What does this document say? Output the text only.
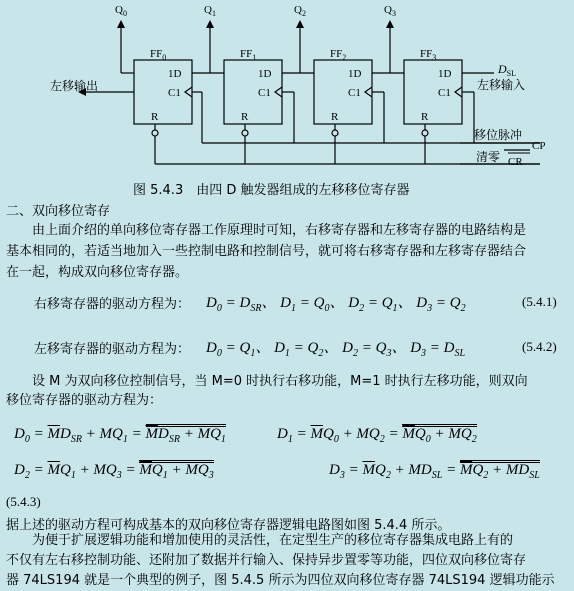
$Q_0$	$Q_1$	$Q_2$	$Q_3$
$FF_0$	$FF_1$	$FF_2$	$FF_3$
1D
C1
R
1D
C1
R
1D
C1
R
1D
C1
R
左移输出
$D_{SL}$
左移输入
移位脉冲
CP
清零 CR
图 5.4.3　由四 D 触发器组成的左移移位寄存器
二、双向移位寄存
　　由上面介绍的单向移位寄存器工作原理时可知，右移寄存器和左移寄存器的电路结构是
基本相同的，若适当地加入一些控制电路和控制信号，就可将右移寄存器和左移寄存器结合
在一起，构成双向移位寄存器。
右移寄存器的驱动方程为： $D_0 = D_{SR}$、 $D_1 = Q_0$、 $D_2 = Q_1$、 $D_3 = Q_2$	(5.4.1)
左移寄存器的驱动方程为： $D_0 = Q_1$、 $D_1 = Q_2$、 $D_2 = Q_3$、 $D_3 = D_{SL}$	(5.4.2)
　　设 M 为双向移位控制信号，当 M=0 时执行右移功能，M=1 时执行左移功能，则双向
移位寄存器的驱动方程为：
$D_0 = \overline{M}D_{SR} + MQ_1 = \overline{M}D_{SR} + MQ_1$	$D_1 = \overline{M}Q_0 + MQ_2 = \overline{M}Q_0 + MQ_2$
$D_2 = \overline{M}Q_1 + MQ_3 = \overline{M}Q_1 + MQ_3$	$D_3 = \overline{M}Q_2 + MD_{SL} = \overline{M}Q_2 + MD_{SL}$
(5.4.3)
据上述的驱动方程可构成基本的双向移位寄存器逻辑电路图如图 5.4.4 所示。
　　为便于扩展逻辑功能和增加使用的灵活性，在定型生产的移位寄存器集成电路上有的
不仅有左右移控制功能、还附加了数据并行输入、保持异步置零等功能，四位双向移位寄存
器 74LS194 就是一个典型的例子，图 5.4.5 所示为四位双向移位寄存器 74LS194 逻辑功能示
